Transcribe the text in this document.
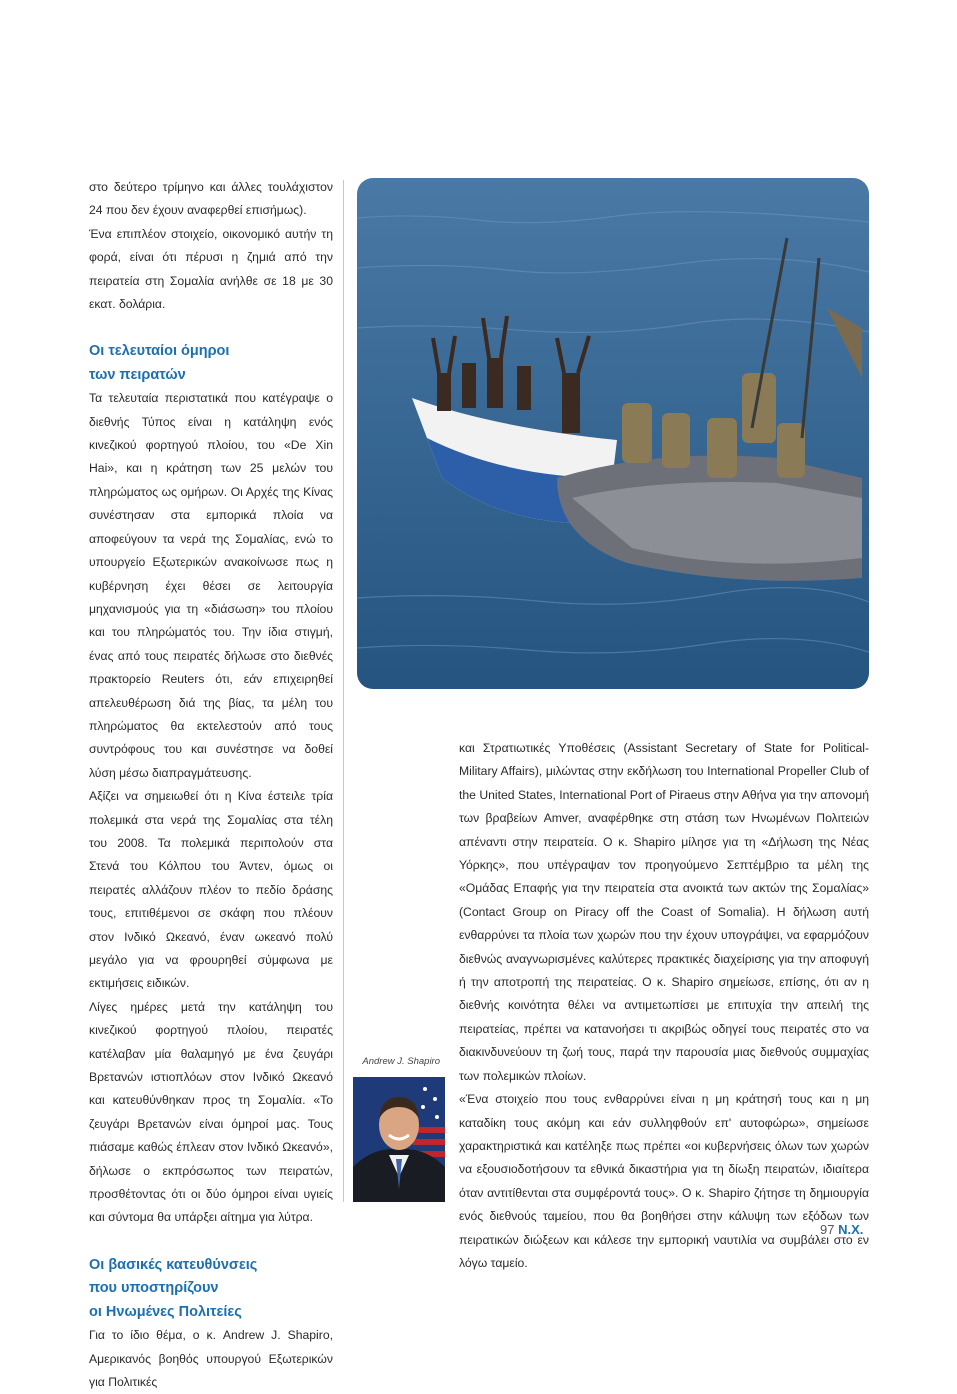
στο δεύτερο τρίμηνο και άλλες τουλάχιστον 24 που δεν έχουν αναφερθεί επισήμως).

Ένα επιπλέον στοιχείο, οικονομικό αυτήν τη φορά, είναι ότι πέρυσι η ζημιά από την πειρατεία στη Σομαλία ανήλθε σε 18 με 30 εκατ. δολάρια.

Οι τελευταίοι όμηροι
των πειρατών

Τα τελευταία περιστατικά που κατέγραψε ο διεθνής Τύπος είναι η κατάληψη ενός κινεζικού φορτηγού πλοίου, του «De Xin Hai», και η κράτηση των 25 μελών του πληρώματος ως ομήρων. Οι Αρχές της Κίνας συνέστησαν στα εμπορικά πλοία να αποφεύγουν τα νερά της Σομαλίας, ενώ το υπουργείο Εξωτερικών ανακοίνωσε πως η κυβέρνηση έχει θέσει σε λειτουργία μηχανισμούς για τη «διάσωση» του πλοίου και του πληρώματός του. Την ίδια στιγμή, ένας από τους πειρατές δήλωσε στο διεθνές πρακτορείο Reuters ότι, εάν επιχειρηθεί απελευθέρωση διά της βίας, τα μέλη του πληρώματος θα εκτελεστούν από τους συντρόφους του και συνέστησε να δοθεί λύση μέσω διαπραγμάτευσης.

Αξίζει να σημειωθεί ότι η Κίνα έστειλε τρία πολεμικά στα νερά της Σομαλίας στα τέλη του 2008. Τα πολεμικά περιπολούν στα Στενά του Κόλπου του Άντεν, όμως οι πειρατές αλλάζουν πλέον το πεδίο δράσης τους, επιτιθέμενοι σε σκάφη που πλέουν στον Ινδικό Ωκεανό, έναν ωκεανό πολύ μεγάλο για να φρουρηθεί σύμφωνα με εκτιμήσεις ειδικών.

Λίγες ημέρες μετά την κατάληψη του κινεζικού φορτηγού πλοίου, πειρατές κατέλαβαν μία θαλαμηγό με ένα ζευγάρι Βρετανών ιστιοπλόων στον Ινδικό Ωκεανό και κατευθύνθηκαν προς τη Σομαλία. «Το ζευγάρι Βρετανών είναι όμηροί μας. Τους πιάσαμε καθώς έπλεαν στον Ινδικό Ωκεανό», δήλωσε ο εκπρόσωπος των πειρατών, προσθέτοντας ότι οι δύο όμηροι είναι υγιείς και σύντομα θα υπάρξει αίτημα για λύτρα.

Οι βασικές κατευθύνσεις
που υποστηρίζουν
οι Ηνωμένες Πολιτείες

Για το ίδιο θέμα, ο κ. Andrew J. Shapiro, Αμερικανός βοηθός υπουργού Εξωτερικών για Πολιτικές

και Στρατιωτικές Υποθέσεις (Assistant Secretary of State for Political-Military Affairs), μιλώντας στην εκδήλωση του International Propeller Club of the United States, International Port of Piraeus στην Αθήνα για την απονομή των βραβείων Amver, αναφέρθηκε στη στάση των Ηνωμένων Πολιτειών απέναντι στην πειρατεία. Ο κ. Shapiro μίλησε για τη «Δήλωση της Νέας Υόρκης», που υπέγραψαν τον προηγούμενο Σεπτέμβριο τα μέλη της «Ομάδας Επαφής για την πειρατεία στα ανοικτά των ακτών της Σομαλίας» (Contact Group on Piracy off the Coast of Somalia). Η δήλωση αυτή ενθαρρύνει τα πλοία των χωρών που την έχουν υπογράψει, να εφαρμόζουν διεθνώς αναγνωρισμένες καλύτερες πρακτικές διαχείρισης για την αποφυγή ή την αποτροπή της πειρατείας. Ο κ. Shapiro σημείωσε, επίσης, ότι αν η διεθνής κοινότητα θέλει να αντιμετωπίσει με επιτυχία την απειλή της πειρατείας, πρέπει να κατανοήσει τι ακριβώς οδηγεί τους πειρατές στο να διακινδυνεύουν τη ζωή τους, παρά την παρουσία μιας διεθνούς συμμαχίας των πολεμικών πλοίων.

«Ένα στοιχείο που τους ενθαρρύνει είναι η μη κράτησή τους και η μη καταδίκη τους ακόμη και εάν συλληφθούν επ' αυτοφώρω», σημείωσε χαρακτηριστικά και κατέληξε πως πρέπει «οι κυβερνήσεις όλων των χωρών να εξουσιοδοτήσουν τα εθνικά δικαστήρια για τη δίωξη πειρατών, ιδιαίτερα όταν αντιτίθενται στα συμφέροντά τους». Ο κ. Shapiro ζήτησε τη δημιουργία ενός διεθνούς ταμείου, που θα βοηθήσει στην κάλυψη των εξόδων των πειρατικών διώξεων και κάλεσε την εμπορική ναυτιλία να συμβάλει στο εν λόγω ταμείο.

Andrew J. Shapiro
97 N.X.
